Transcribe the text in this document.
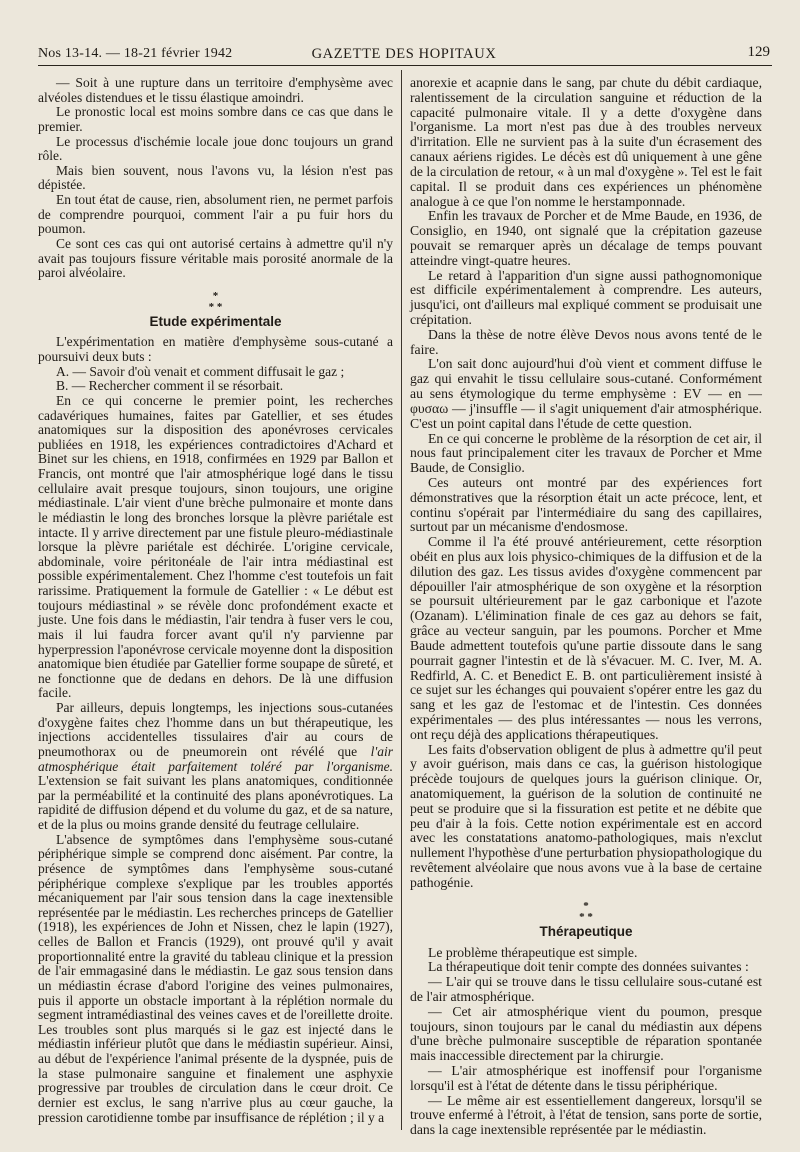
Nos 13-14. — 18-21 février 1942	GAZETTE DES HOPITAUX	129

— Soit à une rupture dans un territoire d'emphysème avec alvéoles distendues et le tissu élastique amoindri.

Le pronostic local est moins sombre dans ce cas que dans le premier.

Le processus d'ischémie locale joue donc toujours un grand rôle.

Mais bien souvent, nous l'avons vu, la lésion n'est pas dépistée.

En tout état de cause, rien, absolument rien, ne permet parfois de comprendre pourquoi, comment l'air a pu fuir hors du poumon.

Ce sont ces cas qui ont autorisé certains à admettre qu'il n'y avait pas toujours fissure véritable mais porosité anormale de la paroi alvéolaire.

*
* *
Etude expérimentale

L'expérimentation en matière d'emphysème sous-cutané a poursuivi deux buts :

A. — Savoir d'où venait et comment diffusait le gaz ;

B. — Rechercher comment il se résorbait.

En ce qui concerne le premier point, les recherches cadavériques humaines, faites par Gatellier, et ses études anatomiques sur la disposition des aponévroses cervicales publiées en 1918, les expériences contradictoires d'Achard et Binet sur les chiens, en 1918, confirmées en 1929 par Ballon et Francis, ont montré que l'air atmosphérique logé dans le tissu cellulaire avait presque toujours, sinon toujours, une origine médiastinale. L'air vient d'une brèche pulmonaire et monte dans le médiastin le long des bronches lorsque la plèvre pariétale est intacte. Il y arrive directement par une fistule pleuro-médiastinale lorsque la plèvre pariétale est déchirée. L'origine cervicale, abdominale, voire péritonéale de l'air intra médiastinal est possible expérimentalement. Chez l'homme c'est toutefois un fait rarissime. Pratiquement la formule de Gatellier : « Le début est toujours médiastinal » se révèle donc profondément exacte et juste. Une fois dans le médiastin, l'air tendra à fuser vers le cou, mais il lui faudra forcer avant qu'il n'y parvienne par hyperpression l'aponévrose cervicale moyenne dont la disposition anatomique bien étudiée par Gatellier forme soupape de sûreté, et ne fonctionne que de dedans en dehors. De là une diffusion facile.

Par ailleurs, depuis longtemps, les injections sous-cutanées d'oxygène faites chez l'homme dans un but thérapeutique, les injections accidentelles tissulaires d'air au cours de pneumothorax ou de pneumorein ont révélé que l'air atmosphérique était parfaitement toléré par l'organisme. L'extension se fait suivant les plans anatomiques, conditionnée par la perméabilité et la continuité des plans aponévrotiques. La rapidité de diffusion dépend et du volume du gaz, et de sa nature, et de la plus ou moins grande densité du feutrage cellulaire.

L'absence de symptômes dans l'emphysème sous-cutané périphérique simple se comprend donc aisément. Par contre, la présence de symptômes dans l'emphysème sous-cutané périphérique complexe s'explique par les troubles apportés mécaniquement par l'air sous tension dans la cage inextensible représentée par le médiastin. Les recherches princeps de Gatellier (1918), les expériences de John et Nissen, chez le lapin (1927), celles de Ballon et Francis (1929), ont prouvé qu'il y avait proportionnalité entre la gravité du tableau clinique et la pression de l'air emmagasiné dans le médiastin. Le gaz sous tension dans un médiastin écrase d'abord l'origine des veines pulmonaires, puis il apporte un obstacle important à la réplétion normale du segment intramédiastinal des veines caves et de l'oreillette droite. Les troubles sont plus marqués si le gaz est injecté dans le médiastin inférieur plutôt que dans le médiastin supérieur. Ainsi, au début de l'expérience l'animal présente de la dyspnée, puis de la stase pulmonaire sanguine et finalement une asphyxie progressive par troubles de circulation dans le cœur droit. Ce dernier est exclus, le sang n'arrive plus au cœur gauche, la pression carotidienne tombe par insuffisance de réplétion ; il y a

anorexie et acapnie dans le sang, par chute du débit cardiaque, ralentissement de la circulation sanguine et réduction de la capacité pulmonaire vitale. Il y a dette d'oxygène dans l'organisme. La mort n'est pas due à des troubles nerveux d'irritation. Elle ne survient pas à la suite d'un écrasement des canaux aériens rigides. Le décès est dû uniquement à une gêne de la circulation de retour, « à un mal d'oxygène ». Tel est le fait capital. Il se produit dans ces expériences un phénomène analogue à ce que l'on nomme le herstamponnade.

Enfin les travaux de Porcher et de Mme Baude, en 1936, de Consiglio, en 1940, ont signalé que la crépitation gazeuse pouvait se remarquer après un décalage de temps pouvant atteindre vingt-quatre heures.

Le retard à l'apparition d'un signe aussi pathognomonique est difficile expérimentalement à comprendre. Les auteurs, jusqu'ici, ont d'ailleurs mal expliqué comment se produisait une crépitation.

Dans la thèse de notre élève Devos nous avons tenté de le faire.

L'on sait donc aujourd'hui d'où vient et comment diffuse le gaz qui envahit le tissu cellulaire sous-cutané. Conformément au sens étymologique du terme emphysème : EV — en — φυσαω — j'insuffle — il s'agit uniquement d'air atmosphérique. C'est un point capital dans l'étude de cette question.

En ce qui concerne le problème de la résorption de cet air, il nous faut principalement citer les travaux de Porcher et Mme Baude, de Consiglio.

Ces auteurs ont montré par des expériences fort démonstratives que la résorption était un acte précoce, lent, et continu s'opérait par l'intermédiaire du sang des capillaires, surtout par un mécanisme d'endosmose.

Comme il l'a été prouvé antérieurement, cette résorption obéit en plus aux lois physico-chimiques de la diffusion et de la dilution des gaz. Les tissus avides d'oxygène commencent par dépouiller l'air atmosphérique de son oxygène et la résorption se poursuit ultérieurement par le gaz carbonique et l'azote (Ozanam). L'élimination finale de ces gaz au dehors se fait, grâce au vecteur sanguin, par les poumons. Porcher et Mme Baude admettent toutefois qu'une partie dissoute dans le sang pourrait gagner l'intestin et de là s'évacuer. M. C. Iver, M. A. Redfirld, A. C. et Benedict E. B. ont particulièrement insisté à ce sujet sur les échanges qui pouvaient s'opérer entre les gaz du sang et les gaz de l'estomac et de l'intestin. Ces données expérimentales — des plus intéressantes — nous les verrons, ont reçu déjà des applications thérapeutiques.

Les faits d'observation obligent de plus à admettre qu'il peut y avoir guérison, mais dans ce cas, la guérison histologique précède toujours de quelques jours la guérison clinique. Or, anatomiquement, la guérison de la solution de continuité ne peut se produire que si la fissuration est petite et ne débite que peu d'air à la fois. Cette notion expérimentale est en accord avec les constatations anatomo-pathologiques, mais n'exclut nullement l'hypothèse d'une perturbation physiopathologique du revêtement alvéolaire que nous avons vue à la base de certaine pathogénie.

*
* *
Thérapeutique

Le problème thérapeutique est simple.

La thérapeutique doit tenir compte des données suivantes :

— L'air qui se trouve dans le tissu cellulaire sous-cutané est de l'air atmosphérique.

— Cet air atmosphérique vient du poumon, presque toujours, sinon toujours par le canal du médiastin aux dépens d'une brèche pulmonaire susceptible de réparation spontanée mais inaccessible directement par la chirurgie.

— L'air atmosphérique est inoffensif pour l'organisme lorsqu'il est à l'état de détente dans le tissu périphérique.

— Le même air est essentiellement dangereux, lorsqu'il se trouve enfermé à l'étroit, à l'état de tension, sans porte de sortie, dans la cage inextensible représentée par le médiastin.
